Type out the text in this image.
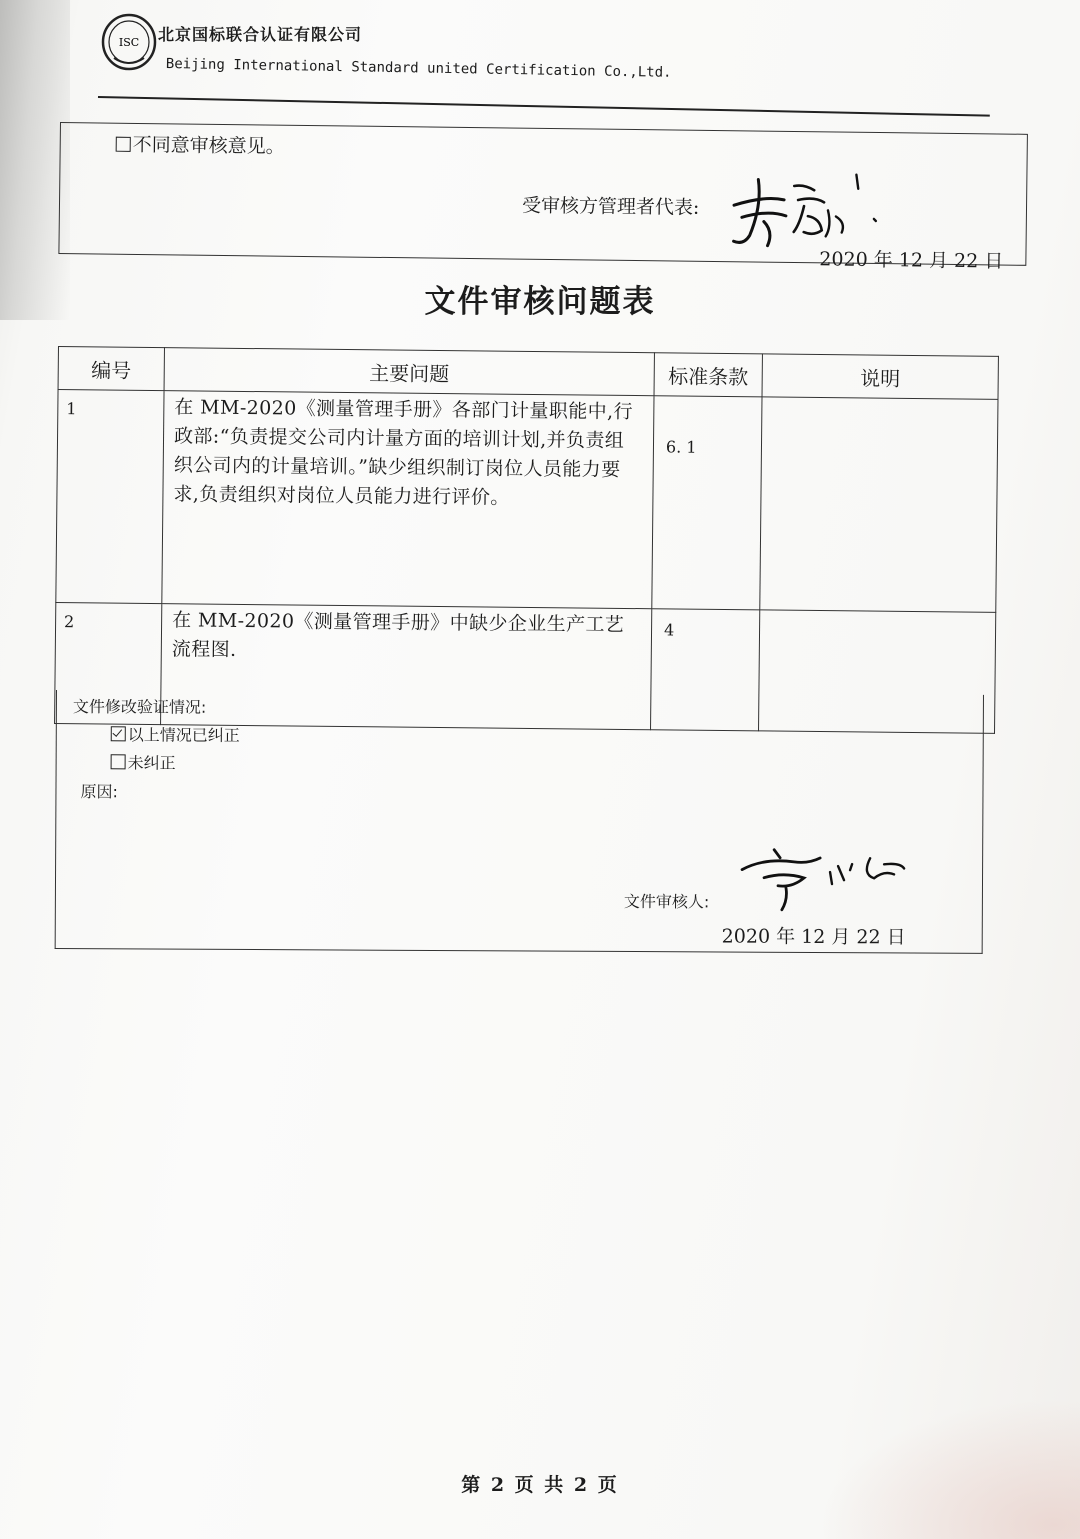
ISC 北京国标联合认证有限公司
Beijing International Standard united Certification Co.,Ltd.
不同意审核意见。
受审核方管理者代表:
2020 年 12 月 22 日
文件审核问题表
编号	主要问题	标准条款	说明
1	在 MM-2020《测量管理手册》各部门计量职能中,行政部:“负责提交公司内计量方面的培训计划,并负责组织公司内的计量培训。”缺少组织制订岗位人员能力要求,负责组织对岗位人员能力进行评价。	6. 1	
2	在 MM-2020《测量管理手册》中缺少企业生产工艺流程图.	4	
文件修改验证情况:
以上情况已纠正
未纠正
原因:
文件审核人:
2020 年 12 月 22 日
第 2 页 共 2 页
